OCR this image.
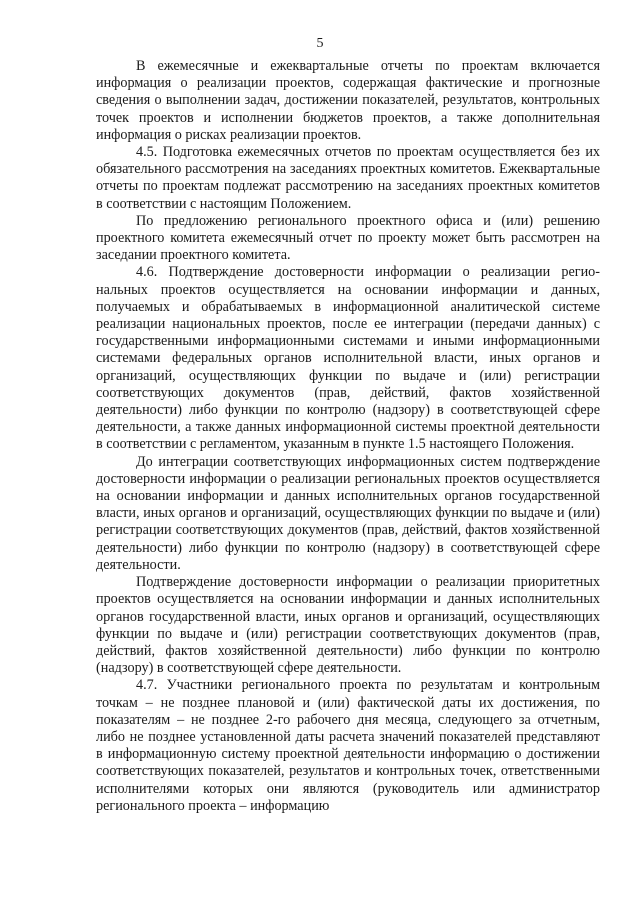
5

В ежемесячные и ежеквартальные отчеты по проектам включается информация о реализации проектов, содержащая фактические и прогнозные сведения о выполнении задач, достижении показателей, результатов, контрольных точек проектов и исполнении бюджетов проектов, а также дополнительная информация о рисках реализации проектов.

4.5. Подготовка ежемесячных отчетов по проектам осуществляется без их обязательного рассмотрения на заседаниях проектных комитетов. Ежеквартальные отчеты по проектам подлежат рассмотрению на заседаниях проектных комитетов в соответствии с настоящим Положением.

По предложению регионального проектного офиса и (или) решению проектного комитета ежемесячный отчет по проекту может быть рассмотрен на заседании проектного комитета.

4.6. Подтверждение достоверности информации о реализации региональных проектов осуществляется на основании информации и данных, получаемых и обрабатываемых в информационной аналитической системе реализации национальных проектов, после ее интеграции (передачи данных) с государственными информационными системами и иными информационными системами федеральных органов исполнительной власти, иных органов и организаций, осуществляющих функции по выдаче и (или) регистрации соответствующих документов (прав, действий, фактов хозяйственной деятельности) либо функции по контролю (надзору) в соответствующей сфере деятельности, а также данных информационной системы проектной деятельности в соответствии с регламентом, указанным в пункте 1.5 настоящего Положения.

До интеграции соответствующих информационных систем подтверждение достоверности информации о реализации региональных проектов осуществляется на основании информации и данных исполнительных органов государственной власти, иных органов и организаций, осуществляющих функции по выдаче и (или) регистрации соответствующих документов (прав, действий, фактов хозяйственной деятельности) либо функции по контролю (надзору) в соответствующей сфере деятельности.

Подтверждение достоверности информации о реализации приоритетных проектов осуществляется на основании информации и данных исполнительных органов государственной власти, иных органов и организаций, осуществляющих функции по выдаче и (или) регистрации соответствующих документов (прав, действий, фактов хозяйственной деятельности) либо функции по контролю (надзору) в соответствующей сфере деятельности.

4.7. Участники регионального проекта по результатам и контрольным точкам – не позднее плановой и (или) фактической даты их достижения, по показателям – не позднее 2-го рабочего дня месяца, следующего за отчетным, либо не позднее установленной даты расчета значений показателей представляют в информационную систему проектной деятельности информацию о достижении соответствующих показателей, результатов и контрольных точек, ответственными исполнителями которых они являются (руководитель или администратор регионального проекта – информацию
